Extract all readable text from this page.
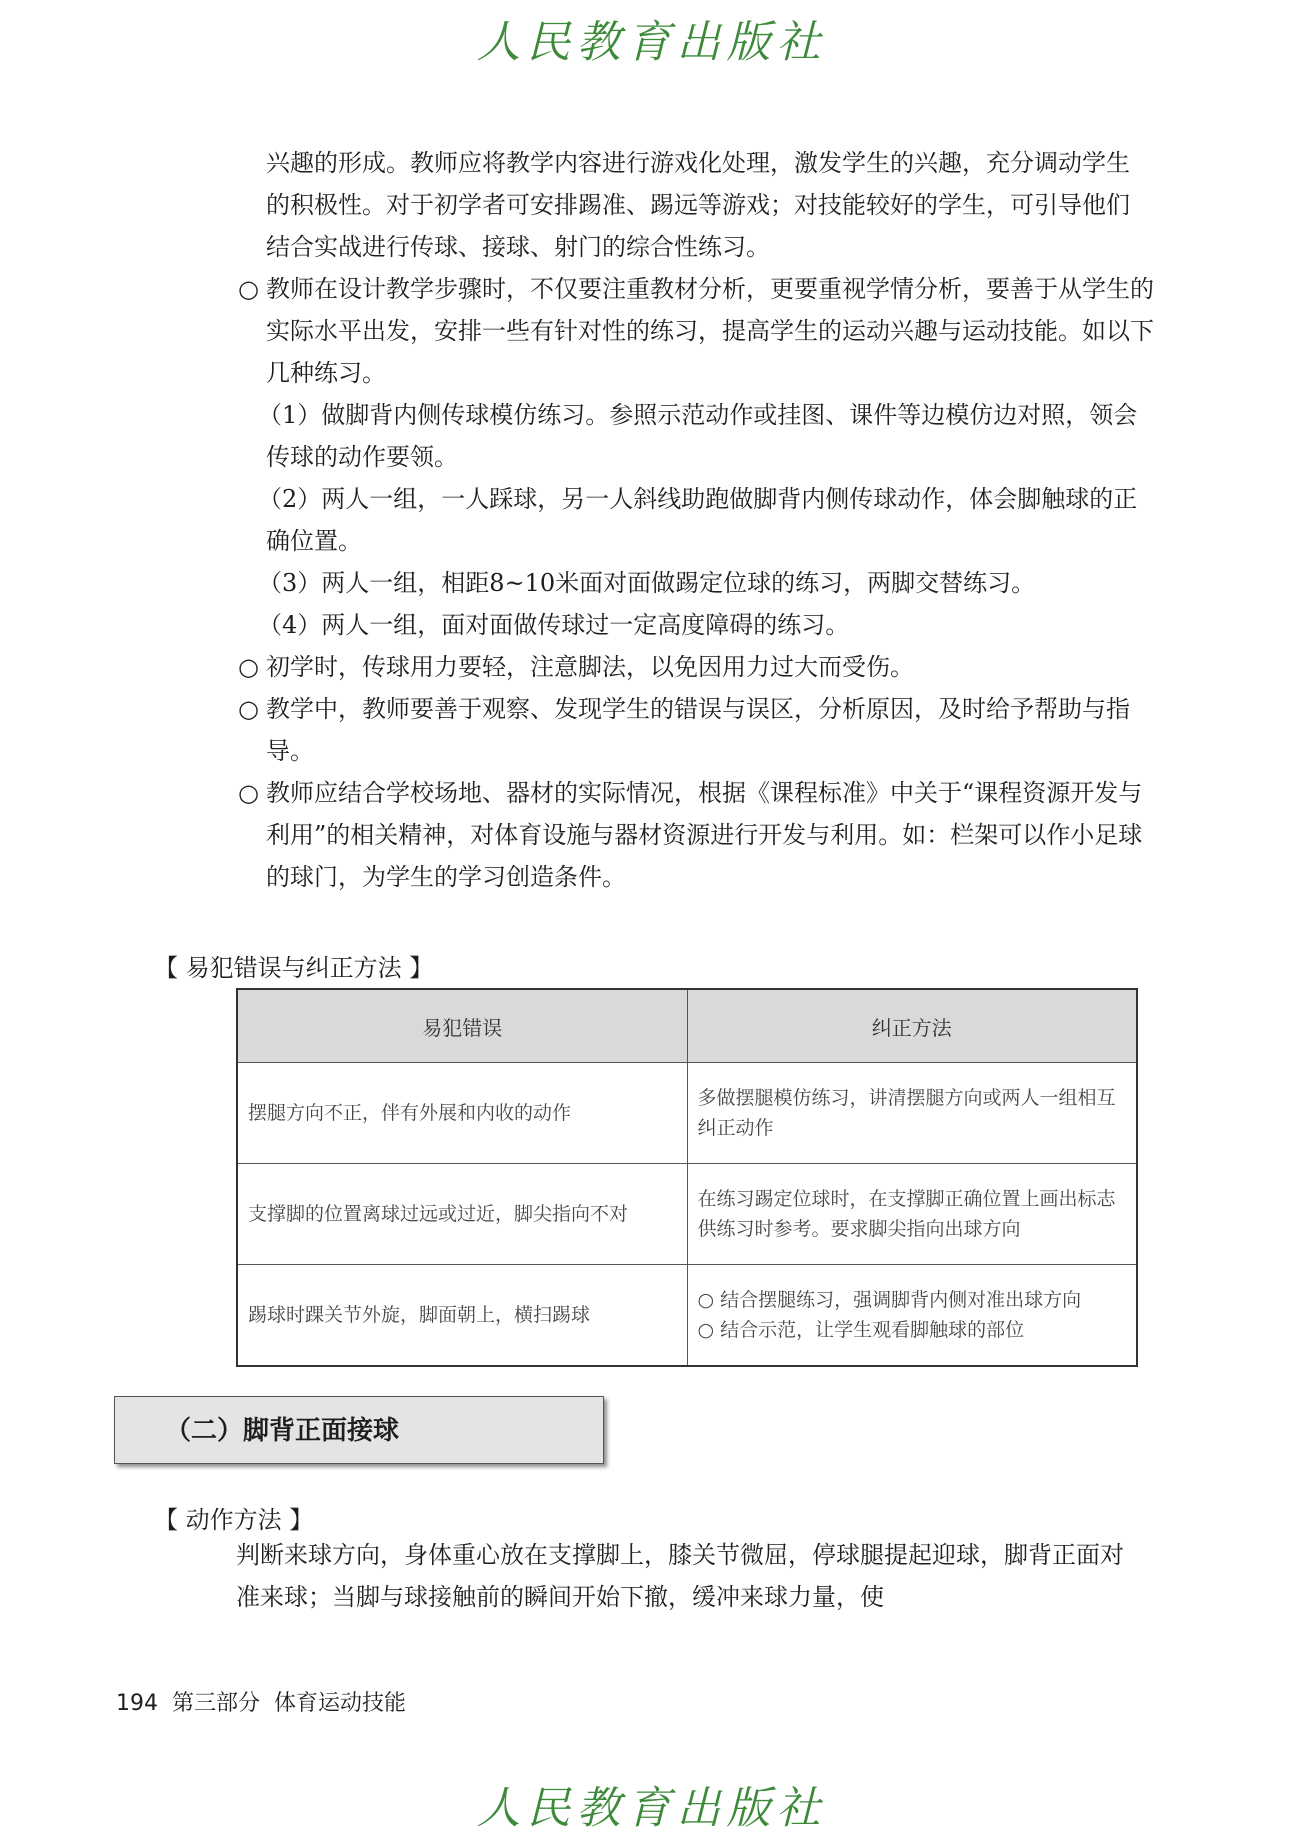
人民教育出版社
兴趣的形成。教师应将教学内容进行游戏化处理，激发学生的兴趣，充分调动学生的积极性。对于初学者可安排踢准、踢远等游戏；对技能较好的学生，可引导他们结合实战进行传球、接球、射门的综合性练习。
○ 教师在设计教学步骤时，不仅要注重教材分析，更要重视学情分析，要善于从学生的实际水平出发，安排一些有针对性的练习，提高学生的运动兴趣与运动技能。如以下几种练习。
（1）做脚背内侧传球模仿练习。参照示范动作或挂图、课件等边模仿边对照，领会传球的动作要领。
（2）两人一组，一人踩球，另一人斜线助跑做脚背内侧传球动作，体会脚触球的正确位置。
（3）两人一组，相距8~10米面对面做踢定位球的练习，两脚交替练习。
（4）两人一组，面对面做传球过一定高度障碍的练习。
○ 初学时，传球用力要轻，注意脚法，以免因用力过大而受伤。
○ 教学中，教师要善于观察、发现学生的错误与误区，分析原因，及时给予帮助与指导。
○ 教师应结合学校场地、器材的实际情况，根据《课程标准》中关于“课程资源开发与利用”的相关精神，对体育设施与器材资源进行开发与利用。如：栏架可以作小足球的球门，为学生的学习创造条件。
【 易犯错误与纠正方法 】
易犯错误	纠正方法
摆腿方向不正，伴有外展和内收的动作	多做摆腿模仿练习，讲清摆腿方向或两人一组相互纠正动作
支撑脚的位置离球过远或过近，脚尖指向不对	在练习踢定位球时，在支撑脚正确位置上画出标志供练习时参考。要求脚尖指向出球方向
踢球时踝关节外旋，脚面朝上，横扫踢球	○ 结合摆腿练习，强调脚背内侧对准出球方向
○ 结合示范，让学生观看脚触球的部位
（二）脚背正面接球
【 动作方法 】
判断来球方向，身体重心放在支撑脚上，膝关节微屈，停球腿提起迎球，脚背正面对准来球；当脚与球接触前的瞬间开始下撤，缓冲来球力量，使
194 第三部分 体育运动技能
人民教育出版社
